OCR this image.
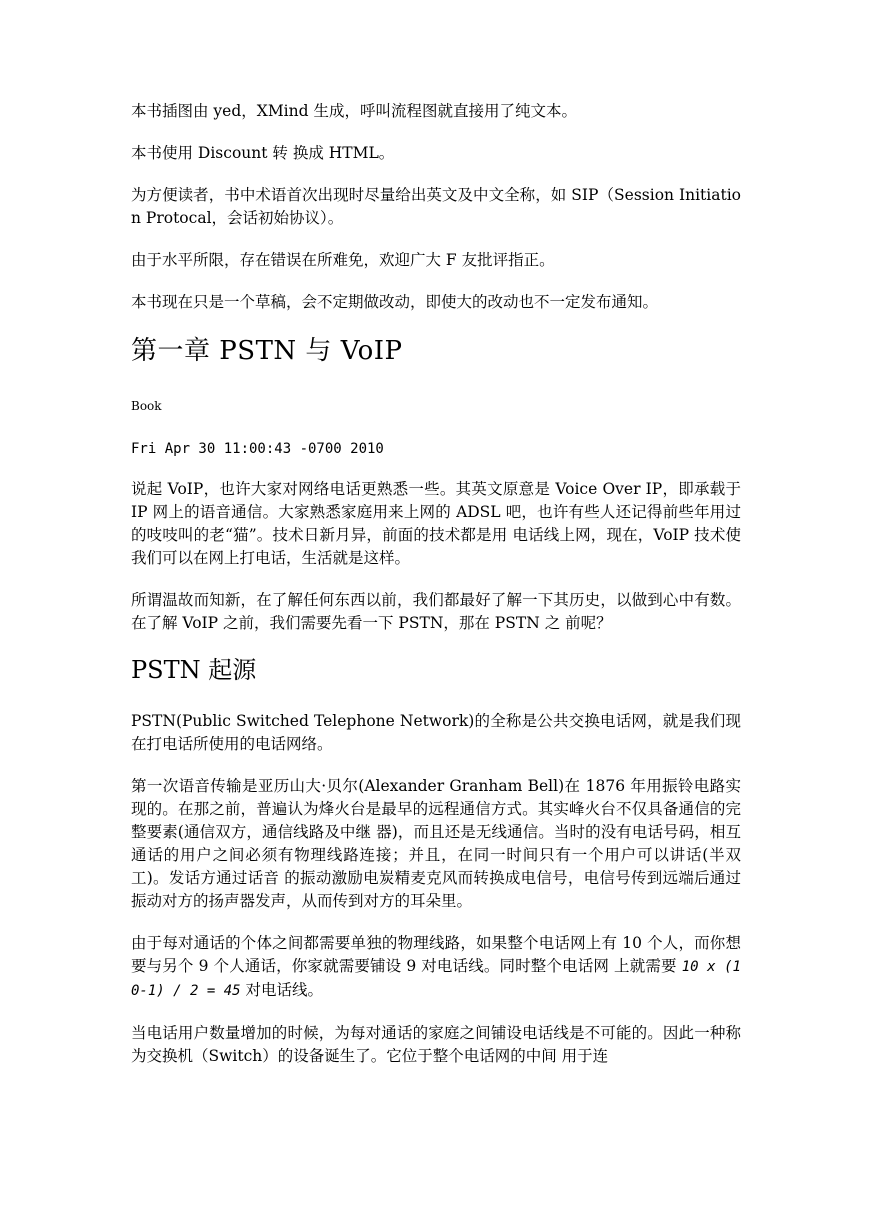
本书插图由 yed，XMind 生成，呼叫流程图就直接用了纯文本。

本书使用 Discount 转 换成 HTML。

为方便读者，书中术语首次出现时尽量给出英文及中文全称，如 SIP（Session Initiation Protocal，会话初始协议）。

由于水平所限，存在错误在所难免，欢迎广大 F 友批评指正。

本书现在只是一个草稿，会不定期做改动，即使大的改动也不一定发布通知。

第一章 PSTN 与 VoIP
Book
Fri Apr 30 11:00:43 -0700 2010

说起 VoIP，也许大家对网络电话更熟悉一些。其英文原意是 Voice Over IP，即承载于 IP 网上的语音通信。大家熟悉家庭用来上网的 ADSL 吧，也许有些人还记得前些年用过的吱吱叫的老“猫”。技术日新月异，前面的技术都是用 电话线上网，现在，VoIP 技术使我们可以在网上打电话，生活就是这样。

所谓温故而知新，在了解任何东西以前，我们都最好了解一下其历史，以做到心中有数。在了解 VoIP 之前，我们需要先看一下 PSTN，那在 PSTN 之 前呢？

PSTN 起源

PSTN(Public Switched Telephone Network)的全称是公共交换电话网，就是我们现在打电话所使用的电话网络。

第一次语音传输是亚历山大·贝尔(Alexander Granham Bell)在 1876 年用振铃电路实现的。在那之前，普遍认为烽火台是最早的远程通信方式。其实峰火台不仅具备通信的完整要素(通信双方，通信线路及中继 器)，而且还是无线通信。当时的没有电话号码，相互通话的用户之间必须有物理线路连接；并且，在同一时间只有一个用户可以讲话(半双工)。发话方通过话音 的振动激励电炭精麦克风而转换成电信号，电信号传到远端后通过振动对方的扬声器发声，从而传到对方的耳朵里。

由于每对通话的个体之间都需要单独的物理线路，如果整个电话网上有 10 个人，而你想要与另个 9 个人通话，你家就需要铺设 9 对电话线。同时整个电话网 上就需要 10 x (10-1) / 2 = 45 对电话线。

当电话用户数量增加的时候，为每对通话的家庭之间铺设电话线是不可能的。因此一种称为交换机（Switch）的设备诞生了。它位于整个电话网的中间 用于连
